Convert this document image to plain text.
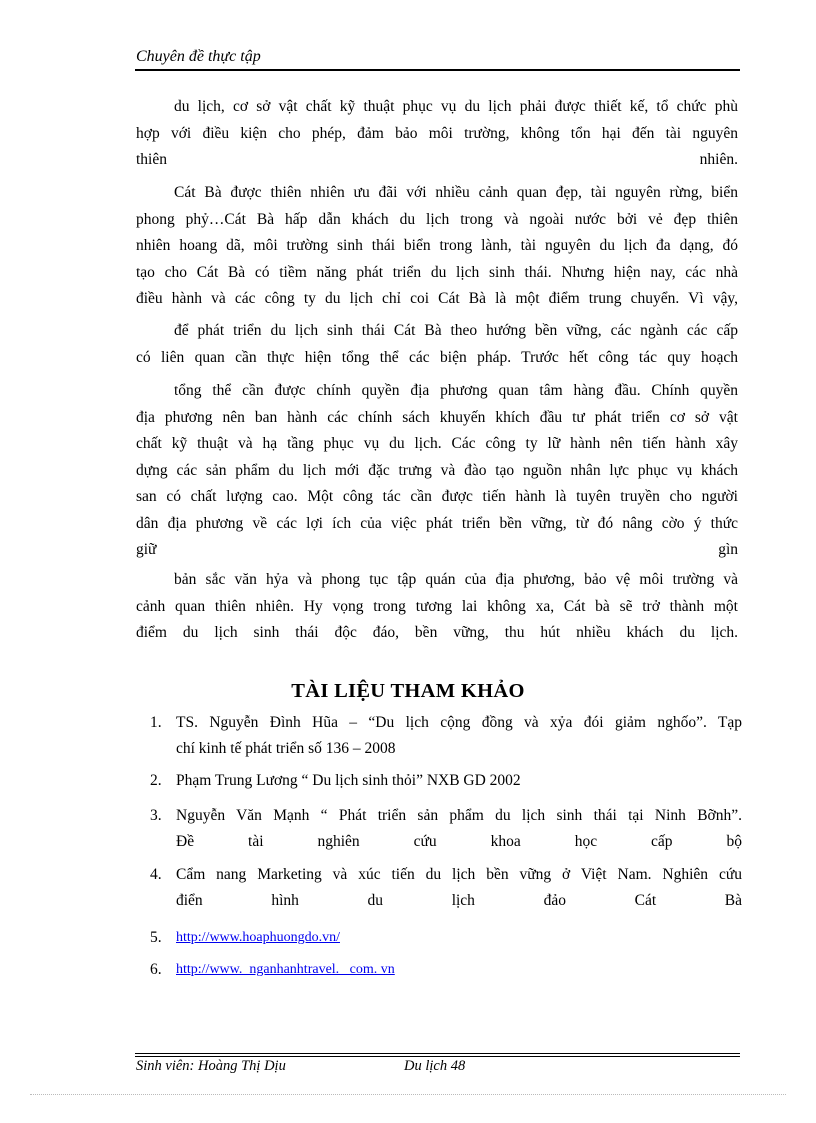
Chuyên đề thực tập
du lịch, cơ sở vật chất kỹ thuật phục vụ du lịch phải được thiết kế, tổ chức phù
hợp với điều kiện cho phép, đảm bảo môi trường, không tổn hại đến tài nguyên
thiên nhiên.
Cát Bà được thiên nhiên ưu đãi với nhiều cảnh quan đẹp, tài nguyên rừng, biển
phong phỷ…Cát Bà hấp dẫn khách du lịch trong và ngoài nước bởi vẻ đẹp thiên
nhiên hoang dã, môi trường sinh thái biển trong lành, tài nguyên du lịch đa dạng, đó
tạo cho Cát Bà có tiềm năng phát triển du lịch sinh thái. Nhưng hiện nay, các nhà
điều hành và các công ty du lịch chỉ coi Cát Bà là một điểm trung chuyển. Vì vậy,
để phát triển du lịch sinh thái Cát Bà theo hướng bền vững, các ngành các cấp
có liên quan cần thực hiện tổng thể các biện pháp. Trước hết công tác quy hoạch
tổng thể cần được chính quyền địa phương quan tâm hàng đầu. Chính quyền
địa phương nên ban hành các chính sách khuyến khích đầu tư phát triển cơ sở vật
chất kỹ thuật và hạ tầng phục vụ du lịch. Các công ty lữ hành nên tiến hành xây
dựng các sản phẩm du lịch mới đặc trưng và đào tạo nguồn nhân lực phục vụ khách
san có chất lượng cao. Một công tác cần được tiến hành là tuyên truyền cho người
dân địa phương về các lợi ích của việc phát triển bền vững, từ đó nâng cờo ý thức
giữ gìn
bản sắc văn hỷa và phong tục tập quán của địa phương, bảo vệ môi trường và
cảnh quan thiên nhiên. Hy vọng trong tương lai không xa, Cát bà sẽ trở thành một
điểm du lịch sinh thái độc đáo, bền vững, thu hút nhiều khách du lịch.
TÀI LIỆU THAM KHẢO
1. TS. Nguyễn Đình Hũa – “Du lịch cộng đồng và xỷa đói giảm nghốo”. Tạp
chí kinh tế phát triển số 136 – 2008
2. Phạm Trung Lương “ Du lịch sinh thỏi” NXB GD 2002
3. Nguyễn Văn Mạnh “ Phát triển sản phẩm du lịch sinh thái tại Ninh Bỡnh”.
Đề tài nghiên cứu khoa học cấp bộ
4. Cẩm nang Marketing và xúc tiến du lịch bền vững ở Việt Nam. Nghiên cứu
điển hình du lịch đảo Cát Bà
5. http://www.hoaphuongdo.vn/
6. http://www.  nganhanhtravel.   com. vn
Sinh viên: Hoàng Thị Dịu	Du lịch 48
